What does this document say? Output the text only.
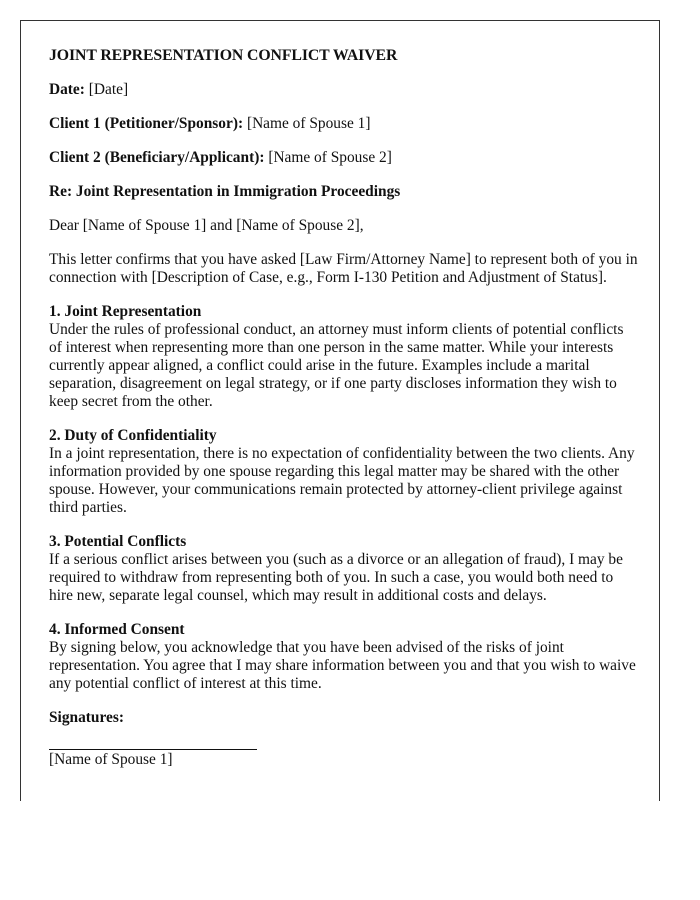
JOINT REPRESENTATION CONFLICT WAIVER
Date: [Date]
Client 1 (Petitioner/Sponsor): [Name of Spouse 1]
Client 2 (Beneficiary/Applicant): [Name of Spouse 2]
Re: Joint Representation in Immigration Proceedings
Dear [Name of Spouse 1] and [Name of Spouse 2],
This letter confirms that you have asked [Law Firm/Attorney Name] to represent both of you in connection with [Description of Case, e.g., Form I-130 Petition and Adjustment of Status].
1. Joint Representation
Under the rules of professional conduct, an attorney must inform clients of potential conflicts of interest when representing more than one person in the same matter. While your interests currently appear aligned, a conflict could arise in the future. Examples include a marital separation, disagreement on legal strategy, or if one party discloses information they wish to keep secret from the other.
2. Duty of Confidentiality
In a joint representation, there is no expectation of confidentiality between the two clients. Any information provided by one spouse regarding this legal matter may be shared with the other spouse. However, your communications remain protected by attorney-client privilege against third parties.
3. Potential Conflicts
If a serious conflict arises between you (such as a divorce or an allegation of fraud), I may be required to withdraw from representing both of you. In such a case, you would both need to hire new, separate legal counsel, which may result in additional costs and delays.
4. Informed Consent
By signing below, you acknowledge that you have been advised of the risks of joint representation. You agree that I may share information between you and that you wish to waive any potential conflict of interest at this time.
Signatures:
[Name of Spouse 1]
